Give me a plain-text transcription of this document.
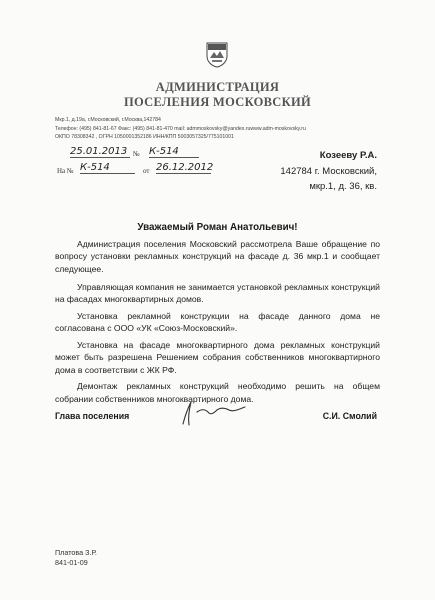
АДМИНИСТРАЦИЯ
ПОСЕЛЕНИЯ МОСКОВСКИЙ
Мкр.1, д.19а, г.Московский, г.Москва,142784
Телефон: (495) 841-81-67 Факс: (495) 841-81-470 mail: admmoskovsky@yandex.ruwww.adm-moskovsky.ru
ОКПО 78308342 , ОГРН 1050001352186 ИНН/КПП 5003057325/775101001
25.01.2013 № К-514
На № К-514	от 26.12.2012
Козееву Р.А.
142784 г. Московский,
мкр.1, д. 36, кв.
Уважаемый Роман Анатольевич!

Администрация поселения Московский рассмотрела Ваше обращение по вопросу установки рекламных конструкций на фасаде д. 36 мкр.1 и сообщает следующее.

Управляющая компания не занимается установкой рекламных конструкций на фасадах многоквартирных домов.

Установка рекламной конструкции на фасаде данного дома не согласована с ООО «УК «Союз-Московский».

Установка на фасаде многоквартирного дома рекламных конструкций может быть разрешена Решением собрания собственников многоквартирного дома в соответствии с ЖК РФ.

Демонтаж рекламных конструкций необходимо решить на общем собрании собственников многоквартирного дома.

Глава поселения	С.И. Смолий
Платова З.Р.
841-01-09
